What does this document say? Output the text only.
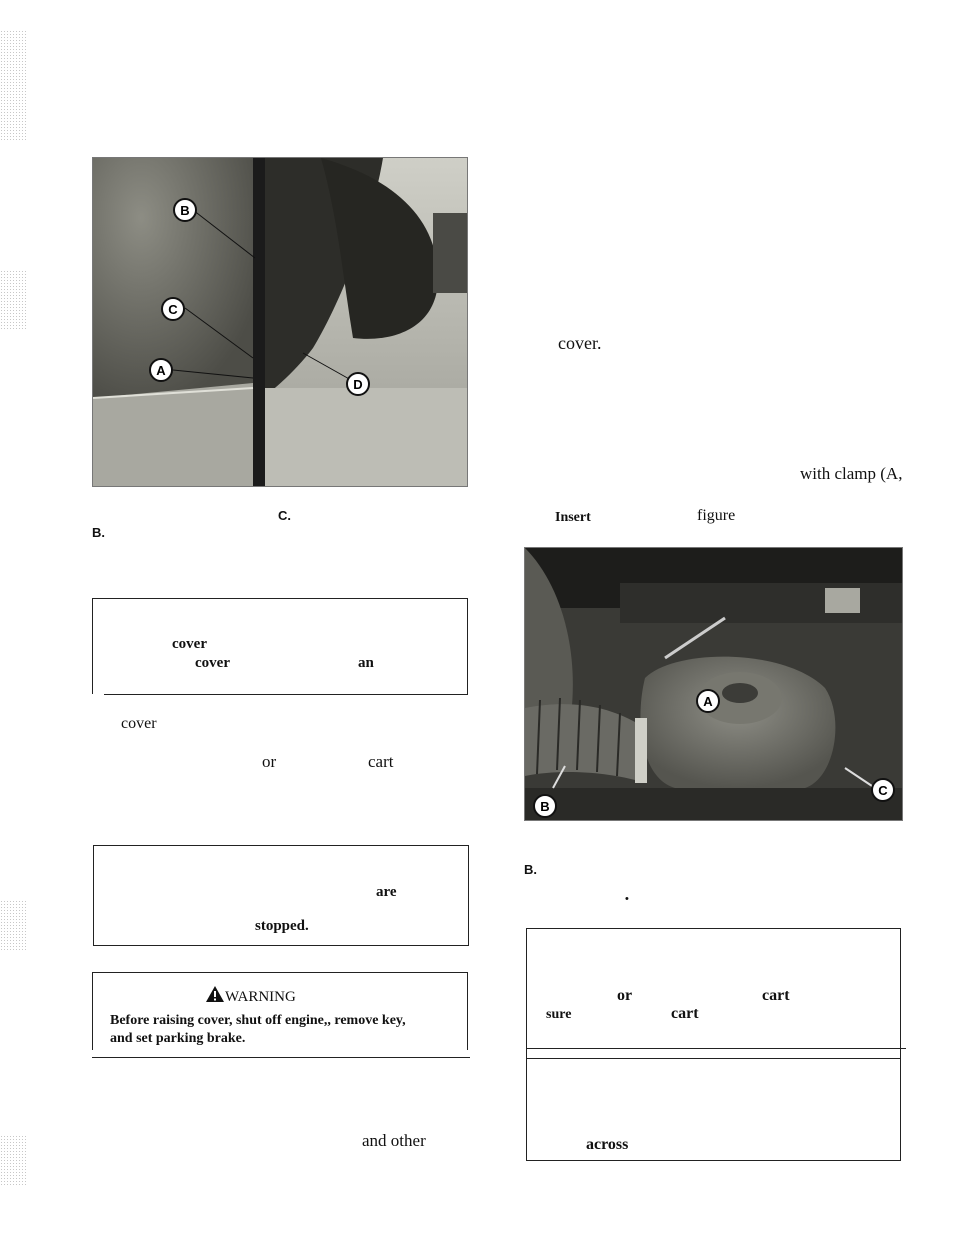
B
C
A
D
C.
B.
cover
cover	an
cover
or	cart
are
stopped.
WARNING
Before raising cover, shut off engine,, remove key,
and set parking brake.
and other
cover.
with clamp (A,
Insert	figure
A
B
C
B.
•
or	cart
sure	cart
across
